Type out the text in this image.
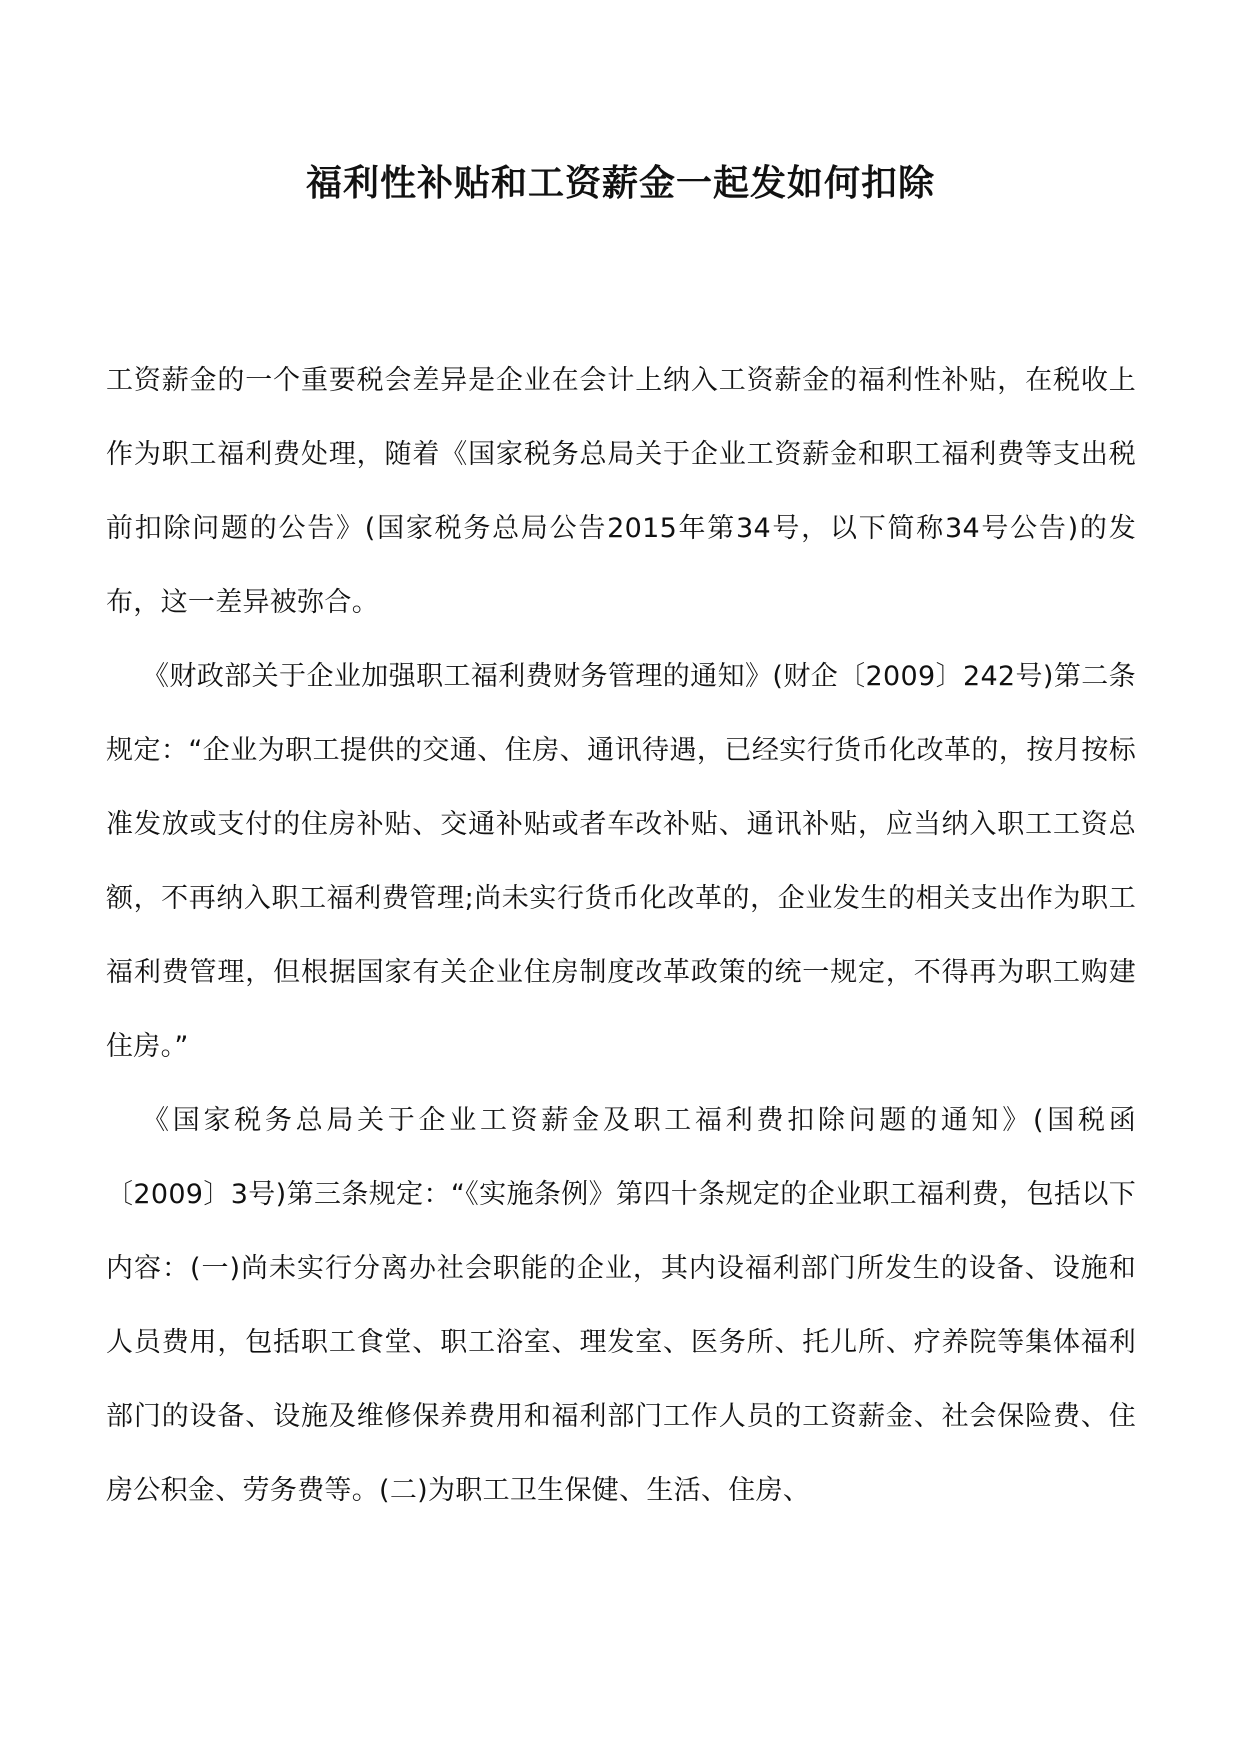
福利性补贴和工资薪金一起发如何扣除

工资薪金的一个重要税会差异是企业在会计上纳入工资薪金的福利性补贴，在税收上作为职工福利费处理，随着《国家税务总局关于企业工资薪金和职工福利费等支出税前扣除问题的公告》(国家税务总局公告2015年第34号，以下简称34号公告)的发布，这一差异被弥合。

《财政部关于企业加强职工福利费财务管理的通知》(财企〔2009〕242号)第二条规定：“企业为职工提供的交通、住房、通讯待遇，已经实行货币化改革的，按月按标准发放或支付的住房补贴、交通补贴或者车改补贴、通讯补贴，应当纳入职工工资总额，不再纳入职工福利费管理;尚未实行货币化改革的，企业发生的相关支出作为职工福利费管理，但根据国家有关企业住房制度改革政策的统一规定，不得再为职工购建住房。”

《国家税务总局关于企业工资薪金及职工福利费扣除问题的通知》(国税函〔2009〕3号)第三条规定：“《实施条例》第四十条规定的企业职工福利费，包括以下内容：(一)尚未实行分离办社会职能的企业，其内设福利部门所发生的设备、设施和人员费用，包括职工食堂、职工浴室、理发室、医务所、托儿所、疗养院等集体福利部门的设备、设施及维修保养费用和福利部门工作人员的工资薪金、社会保险费、住房公积金、劳务费等。(二)为职工卫生保健、生活、住房、
